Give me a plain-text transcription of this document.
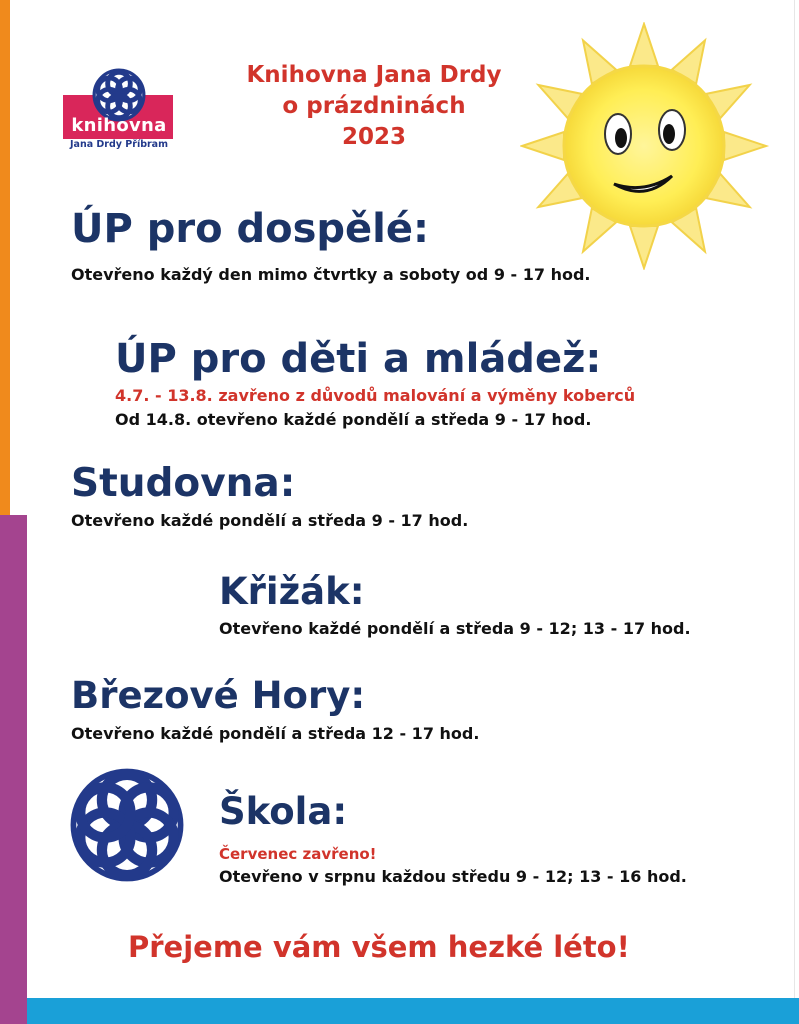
knihovna
Jana Drdy Příbram
Knihovna Jana Drdy
o prázdninách
2023
ÚP pro dospělé:
Otevřeno každý den mimo čtvrtky a soboty od 9 - 17 hod.
ÚP pro děti a mládež:
4.7. - 13.8. zavřeno z důvodů malování a výměny koberců
Od 14.8. otevřeno každé pondělí a středa 9 - 17 hod.
Studovna:
Otevřeno každé pondělí a středa 9 - 17 hod.
Křižák:
Otevřeno každé pondělí a středa 9 - 12; 13 - 17 hod.
Březové Hory:
Otevřeno každé pondělí a středa 12 - 17 hod.
Škola:
Červenec zavřeno!
Otevřeno v srpnu každou středu 9 - 12; 13 - 16 hod.
Přejeme vám všem hezké léto!
